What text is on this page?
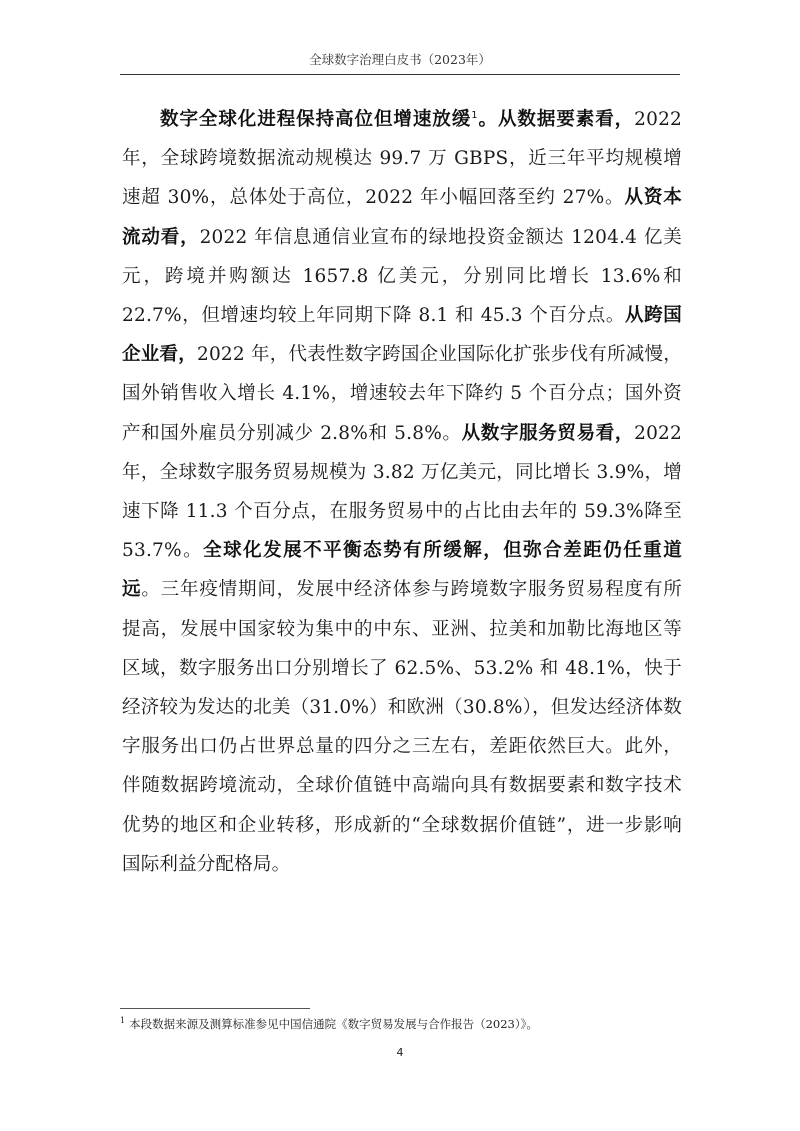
全球数字治理白皮书（2023年）

数字全球化进程保持高位但增速放缓$^1$。从数据要素看，2022 年，全球跨境数据流动规模达 99.7 万 GBPS，近三年平均规模增速超 30%，总体处于高位，2022 年小幅回落至约 27%。从资本流动看，2022 年信息通信业宣布的绿地投资金额达 1204.4 亿美元，跨境并购额达 1657.8 亿美元，分别同比增长 13.6%和 22.7%，但增速均较上年同期下降 8.1 和 45.3 个百分点。从跨国企业看，2022 年，代表性数字跨国企业国际化扩张步伐有所减慢，国外销售收入增长 4.1%，增速较去年下降约 5 个百分点；国外资产和国外雇员分别减少 2.8%和 5.8%。从数字服务贸易看，2022 年，全球数字服务贸易规模为 3.82 万亿美元，同比增长 3.9%，增速下降 11.3 个百分点，在服务贸易中的占比由去年的 59.3%降至 53.7%。全球化发展不平衡态势有所缓解，但弥合差距仍任重道远。三年疫情期间，发展中经济体参与跨境数字服务贸易程度有所提高，发展中国家较为集中的中东、亚洲、拉美和加勒比海地区等区域，数字服务出口分别增长了 62.5%、53.2% 和 48.1%，快于经济较为发达的北美（31.0%）和欧洲（30.8%），但发达经济体数字服务出口仍占世界总量的四分之三左右，差距依然巨大。此外，伴随数据跨境流动，全球价值链中高端向具有数据要素和数字技术优势的地区和企业转移，形成新的“全球数据价值链”，进一步影响国际利益分配格局。

$^1$ 本段数据来源及测算标准参见中国信通院《数字贸易发展与合作报告（2023）》。
4
